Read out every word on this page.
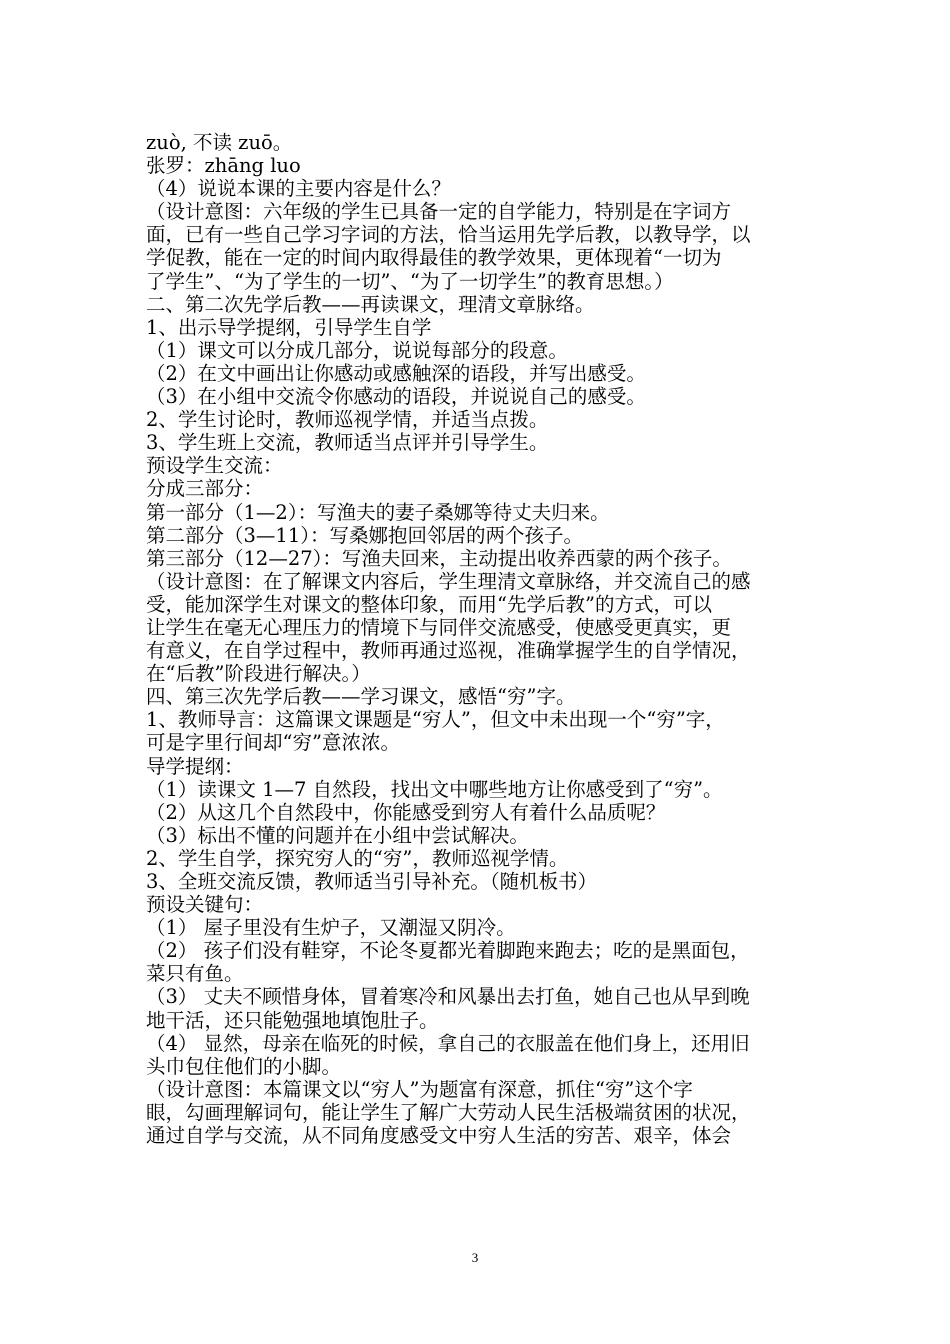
zuò, 不读 zuō。
张罗：zhāng luo
（4）说说本课的主要内容是什么？
（设计意图：六年级的学生已具备一定的自学能力，特别是在字词方
面，已有一些自己学习字词的方法，恰当运用先学后教，以教导学，以
学促教，能在一定的时间内取得最佳的教学效果，更体现着“一切为
了学生”、“为了学生的一切”、“为了一切学生”的教育思想。）
二、第二次先学后教——再读课文，理清文章脉络。
1、出示导学提纲，引导学生自学
（1）课文可以分成几部分，说说每部分的段意。
（2）在文中画出让你感动或感触深的语段，并写出感受。
（3）在小组中交流令你感动的语段，并说说自己的感受。
2、学生讨论时，教师巡视学情，并适当点拨。
3、学生班上交流，教师适当点评并引导学生。
预设学生交流：
分成三部分：
第一部分（1—2）：写渔夫的妻子桑娜等待丈夫归来。
第二部分（3—11）：写桑娜抱回邻居的两个孩子。
第三部分（12—27）：写渔夫回来，主动提出收养西蒙的两个孩子。
（设计意图：在了解课文内容后，学生理清文章脉络，并交流自己的感
受，能加深学生对课文的整体印象，而用“先学后教”的方式，可以
让学生在毫无心理压力的情境下与同伴交流感受，使感受更真实，更
有意义，在自学过程中，教师再通过巡视，准确掌握学生的自学情况，
在“后教”阶段进行解决。）
四、第三次先学后教——学习课文，感悟“穷”字。
1、教师导言：这篇课文课题是“穷人”，但文中未出现一个“穷”字，
可是字里行间却“穷”意浓浓。
导学提纲：
（1）读课文 1—7 自然段，找出文中哪些地方让你感受到了“穷”。
（2）从这几个自然段中，你能感受到穷人有着什么品质呢？
（3）标出不懂的问题并在小组中尝试解决。
2、学生自学，探究穷人的“穷”，教师巡视学情。
3、全班交流反馈，教师适当引导补充。（随机板书）
预设关键句：
（1） 屋子里没有生炉子，又潮湿又阴冷。
（2） 孩子们没有鞋穿，不论冬夏都光着脚跑来跑去；吃的是黑面包，
菜只有鱼。
（3） 丈夫不顾惜身体，冒着寒冷和风暴出去打鱼，她自己也从早到晚
地干活，还只能勉强地填饱肚子。
（4） 显然，母亲在临死的时候，拿自己的衣服盖在他们身上，还用旧
头巾包住他们的小脚。
（设计意图：本篇课文以“穷人”为题富有深意，抓住“穷”这个字
眼，勾画理解词句，能让学生了解广大劳动人民生活极端贫困的状况，
通过自学与交流，从不同角度感受文中穷人生活的穷苦、艰辛，体会
3
